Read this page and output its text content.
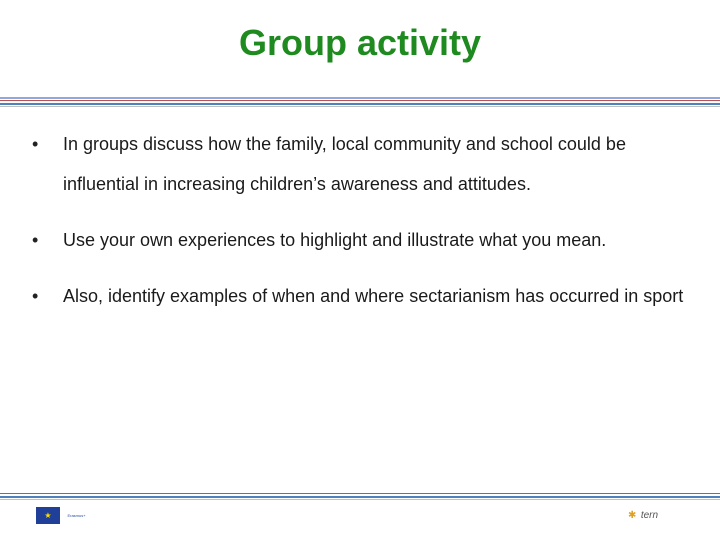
Group activity
• In groups discuss how the family, local community and school could be influential in increasing children’s awareness and attitudes.
• Use your own experiences to highlight and illustrate what you mean.
• Also, identify examples of when and where sectarianism has occurred in sport
★	Erasmus+	✱ tern
